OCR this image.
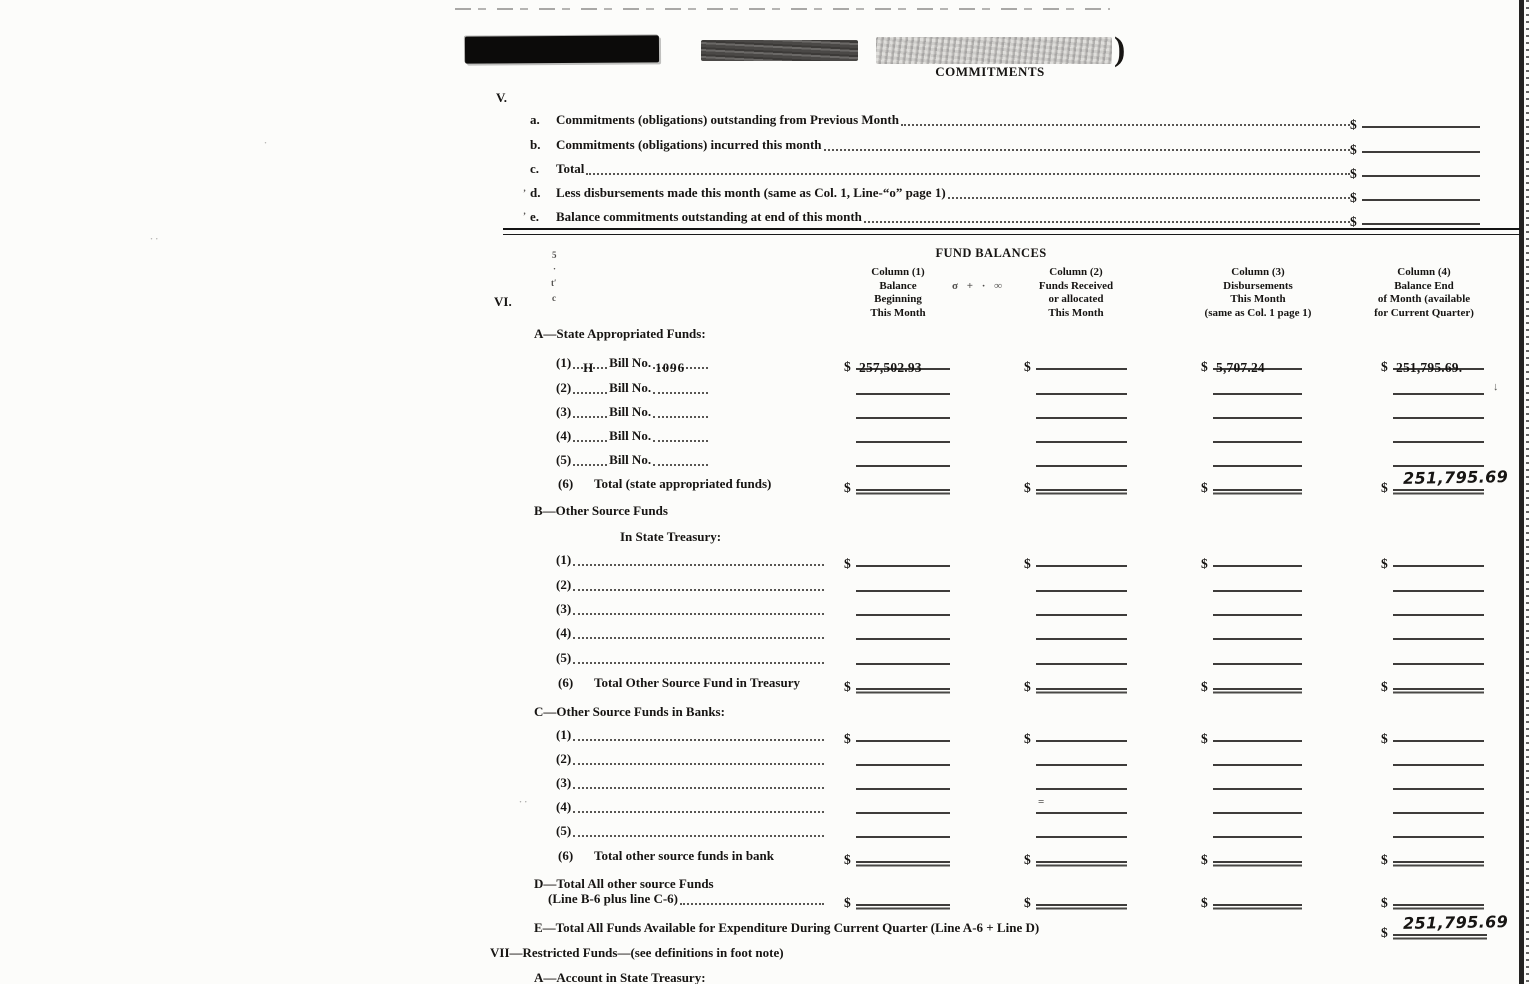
)
·
· ·
· ·
↓
COMMITMENTS
V.
a.	Commitments (obligations) outstanding from Previous Month	$
b.	Commitments (obligations) incurred this month	$
c.	Total	$
’ d.	Less disbursements made this month (same as Col. 1, Line-“o” page 1)	$
’ e.	Balance commitments outstanding at end of this month	$
FUND BALANCES
VI.
5
·
t′
c
Column (1)
Balance
Beginning
This Month
σ + · ∞
Column (2)
Funds Received
or allocated
This Month
Column (3)
Disbursements
This Month
(same as Col. 1 page 1)
Column (4)
Balance End
of Month (available
for Current Quarter)
A—State Appropriated Funds:
(1) H Bill No. 1096	$ 257,502.93	$	$ 5,707.24	$ 251,795.69.
(2)	Bill No.
(3)	Bill No.
(4)	Bill No.
(5)	Bill No.
(6) Total (state appropriated funds)	$	$	$	$ 251,795.69
B—Other Source Funds
In State Treasury:
(1)	$	$	$	$
(2)
(3)
(4)
(5)
(6) Total Other Source Fund in Treasury	$	$	$	$
C—Other Source Funds in Banks:
(1)	$	$	$	$
(2)
(3)
=
(4)
(5)
(6) Total other source funds in bank	$	$	$	$
D—Total All other source Funds
(Line B-6 plus line C-6)	$	$	$	$
E—Total All Funds Available for Expenditure During Current Quarter (Line A-6 + Line D)	$ 251,795.69
VII—Restricted Funds—(see definitions in foot note)
A—Account in State Treasury:
